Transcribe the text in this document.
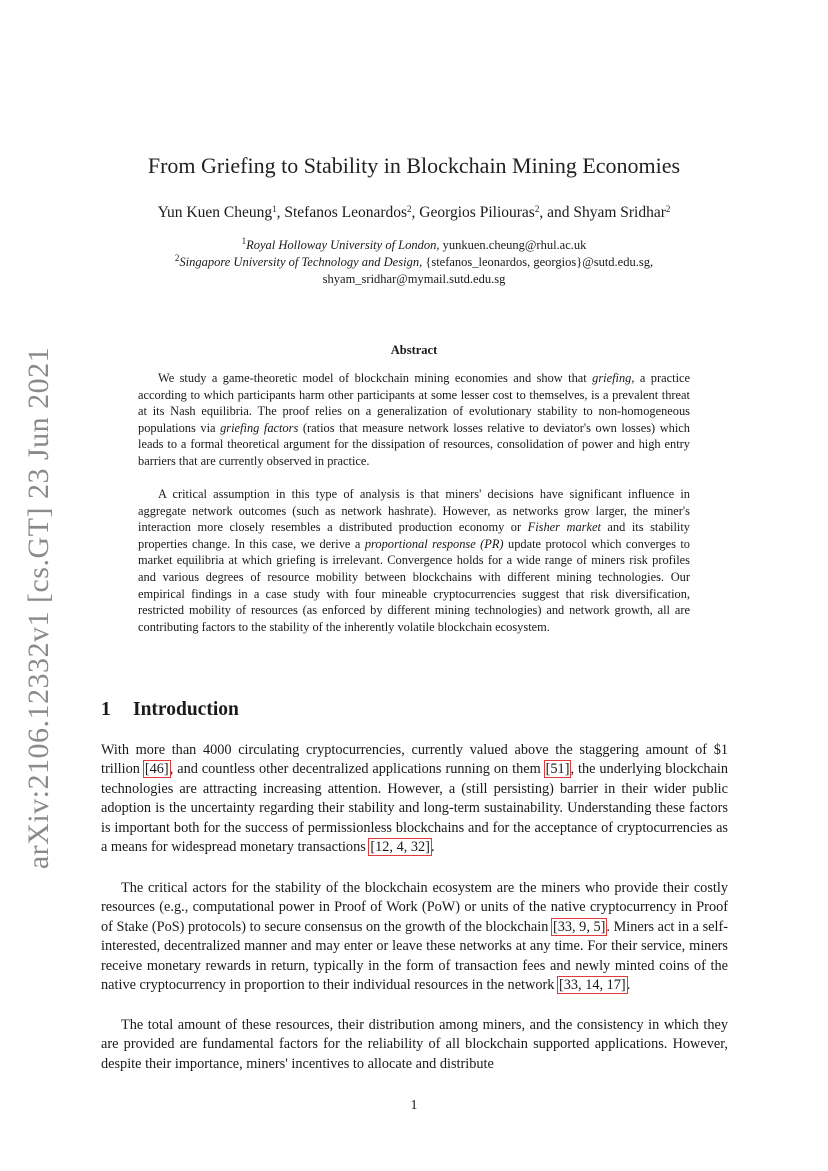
arXiv:2106.12332v1 [cs.GT] 23 Jun 2021
From Griefing to Stability in Blockchain Mining Economies
Yun Kuen Cheung$^1$, Stefanos Leonardos$^2$, Georgios Piliouras$^2$, and Shyam Sridhar$^2$
$^1$Royal Holloway University of London, yunkuen.cheung@rhul.ac.uk
$^2$Singapore University of Technology and Design, {stefanos_leonardos, georgios}@sutd.edu.sg,
shyam_sridhar@mymail.sutd.edu.sg
Abstract

We study a game-theoretic model of blockchain mining economies and show that griefing, a practice according to which participants harm other participants at some lesser cost to themselves, is a prevalent threat at its Nash equilibria. The proof relies on a generalization of evolutionary stability to non-homogeneous populations via griefing factors (ratios that measure network losses relative to deviator's own losses) which leads to a formal theoretical argument for the dissipation of resources, consolidation of power and high entry barriers that are currently observed in practice.

A critical assumption in this type of analysis is that miners' decisions have significant influence in aggregate network outcomes (such as network hashrate). However, as networks grow larger, the miner's interaction more closely resembles a distributed production economy or Fisher market and its stability properties change. In this case, we derive a proportional response (PR) update protocol which converges to market equilibria at which griefing is irrelevant. Convergence holds for a wide range of miners risk profiles and various degrees of resource mobility between blockchains with different mining technologies. Our empirical findings in a case study with four mineable cryptocurrencies suggest that risk diversification, restricted mobility of resources (as enforced by different mining technologies) and network growth, all are contributing factors to the stability of the inherently volatile blockchain ecosystem.

1 Introduction

With more than 4000 circulating cryptocurrencies, currently valued above the staggering amount of $1 trillion [46], and countless other decentralized applications running on them [51], the underlying blockchain technologies are attracting increasing attention. However, a (still persisting) barrier in their wider public adoption is the uncertainty regarding their stability and long-term sustainability. Understanding these factors is important both for the success of permissionless blockchains and for the acceptance of cryptocurrencies as a means for widespread monetary transactions [12, 4, 32].

The critical actors for the stability of the blockchain ecosystem are the miners who provide their costly resources (e.g., computational power in Proof of Work (PoW) or units of the native cryptocurrency in Proof of Stake (PoS) protocols) to secure consensus on the growth of the blockchain [33, 9, 5]. Miners act in a self-interested, decentralized manner and may enter or leave these networks at any time. For their service, miners receive monetary rewards in return, typically in the form of transaction fees and newly minted coins of the native cryptocurrency in proportion to their individual resources in the network [33, 14, 17].

The total amount of these resources, their distribution among miners, and the consistency in which they are provided are fundamental factors for the reliability of all blockchain supported applications. However, despite their importance, miners' incentives to allocate and distribute

1
